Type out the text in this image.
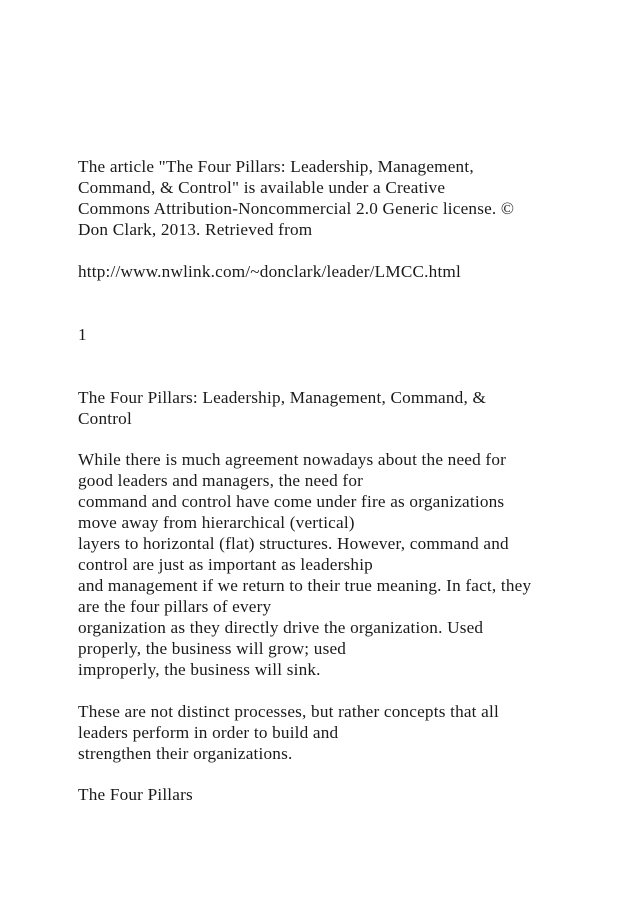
The article "The Four Pillars: Leadership, Management,
Command, & Control" is available under a Creative
Commons Attribution-Noncommercial 2.0 Generic license. ©
Don Clark, 2013. Retrieved from
http://www.nwlink.com/~donclark/leader/LMCC.html
1
The Four Pillars: Leadership, Management, Command, &
Control
While there is much agreement nowadays about the need for
good leaders and managers, the need for
command and control have come under fire as organizations
move away from hierarchical (vertical)
layers to horizontal (flat) structures. However, command and
control are just as important as leadership
and management if we return to their true meaning. In fact, they
are the four pillars of every
organization as they directly drive the organization. Used
properly, the business will grow; used
improperly, the business will sink.
These are not distinct processes, but rather concepts that all
leaders perform in order to build and
strengthen their organizations.
The Four Pillars
